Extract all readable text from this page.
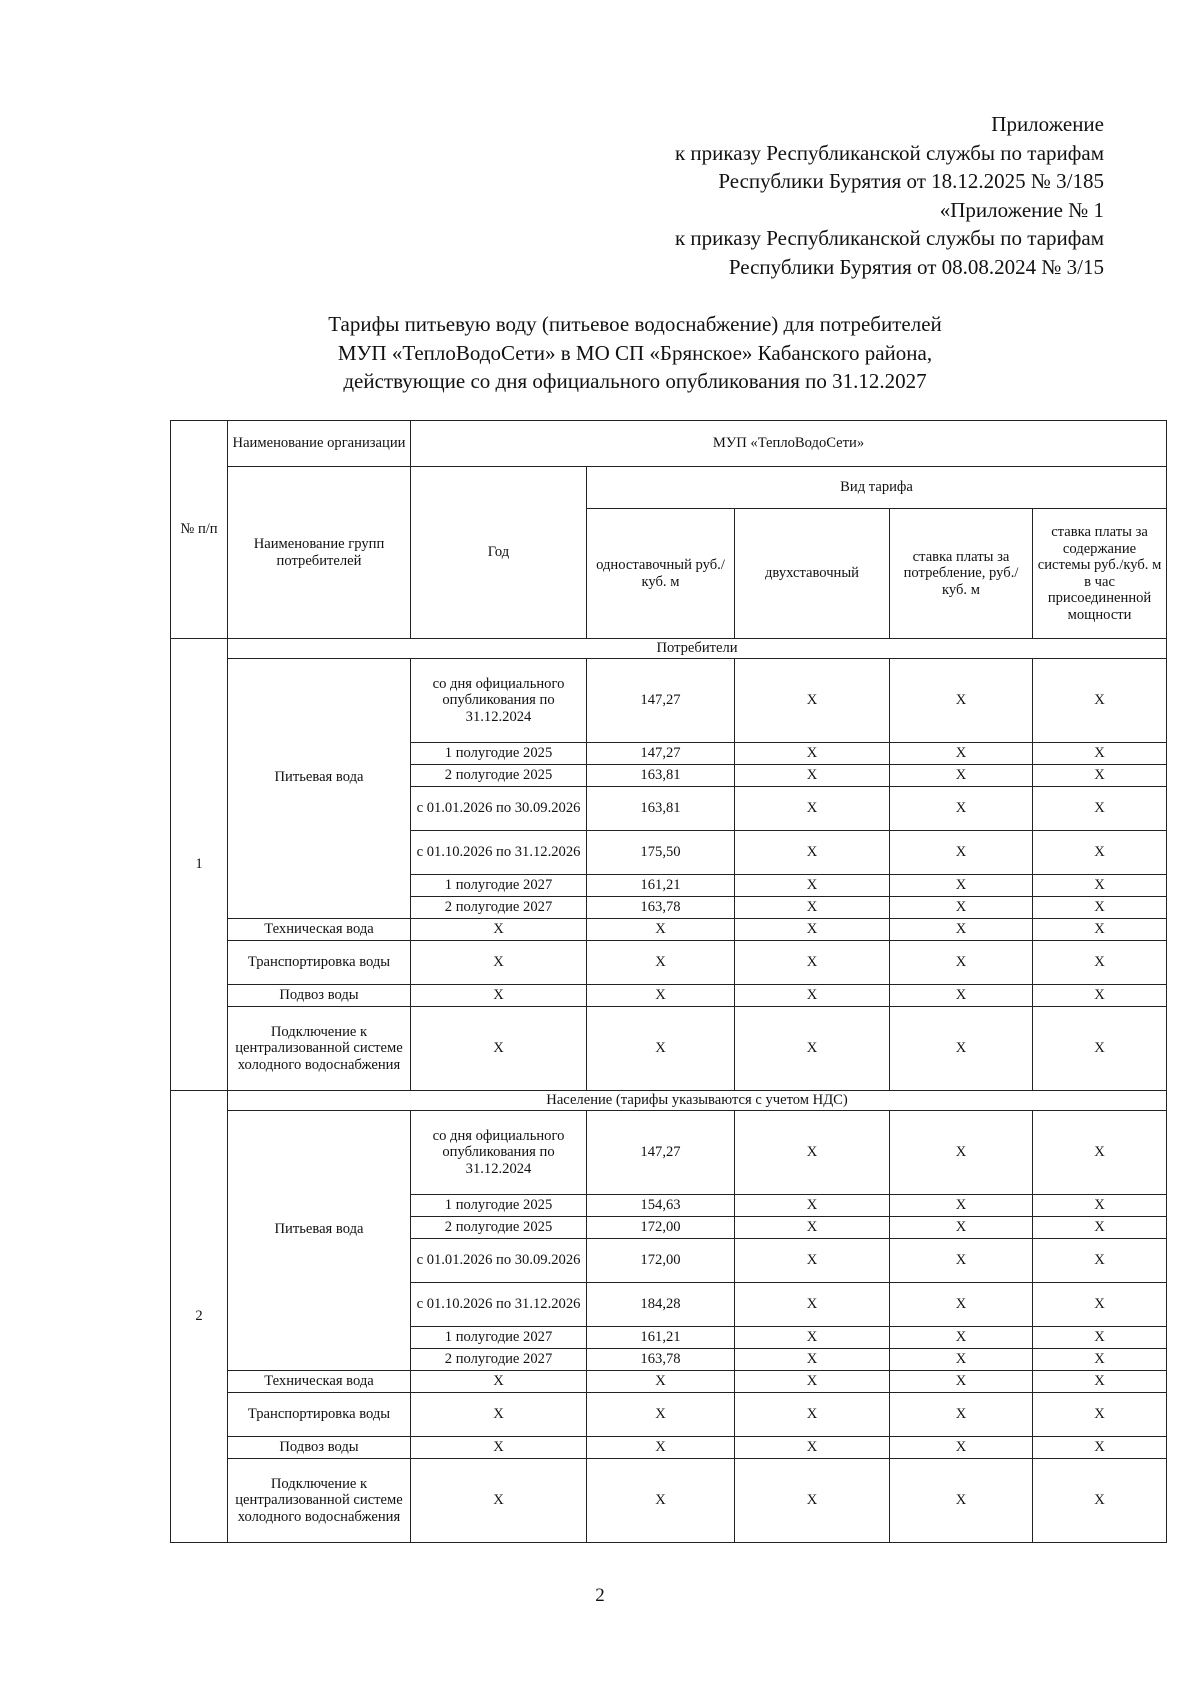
Приложение
к приказу Республиканской службы по тарифам
Республики Бурятия от 18.12.2025 № 3/185
«Приложение № 1
к приказу Республиканской службы по тарифам
Республики Бурятия от 08.08.2024 № 3/15
Тарифы питьевую воду (питьевое водоснабжение) для потребителей
МУП «ТеплоВодоСети» в МО СП «Брянское» Кабанского района,
действующие со дня официального опубликования по 31.12.2027
№ п/п	Наименование организации	МУП «ТеплоВодоСети»				
	Наименование групп потребителей	Год	Вид тарифа			
			одноставочный руб./ куб. м	двухставочный	ставка платы за потребление, руб./ куб. м	ставка платы за содержание системы руб./куб. м в час присоединенной мощности
1	Потребители					
	Питьевая вода	со дня официального опубликования по 31.12.2024	147,27	X	X	X
		1 полугодие 2025	147,27	X	X	X
		2 полугодие 2025	163,81	X	X	X
		с 01.01.2026 по 30.09.2026	163,81	X	X	X
		с 01.10.2026 по 31.12.2026	175,50	X	X	X
		1 полугодие 2027	161,21	X	X	X
		2 полугодие 2027	163,78	X	X	X
	Техническая вода	X	X	X	X	X
	Транспортировка воды	X	X	X	X	X
	Подвоз воды	X	X	X	X	X
	Подключение к централизованной системе холодного водоснабжения	X	X	X	X	X
2	Население (тарифы указываются с учетом НДС)					
	Питьевая вода	со дня официального опубликования по 31.12.2024	147,27	X	X	X
		1 полугодие 2025	154,63	X	X	X
		2 полугодие 2025	172,00	X	X	X
		с 01.01.2026 по 30.09.2026	172,00	X	X	X
		с 01.10.2026 по 31.12.2026	184,28	X	X	X
		1 полугодие 2027	161,21	X	X	X
		2 полугодие 2027	163,78	X	X	X
	Техническая вода	X	X	X	X	X
	Транспортировка воды	X	X	X	X	X
	Подвоз воды	X	X	X	X	X
	Подключение к централизованной системе холодного водоснабжения	X	X	X	X	X
2
